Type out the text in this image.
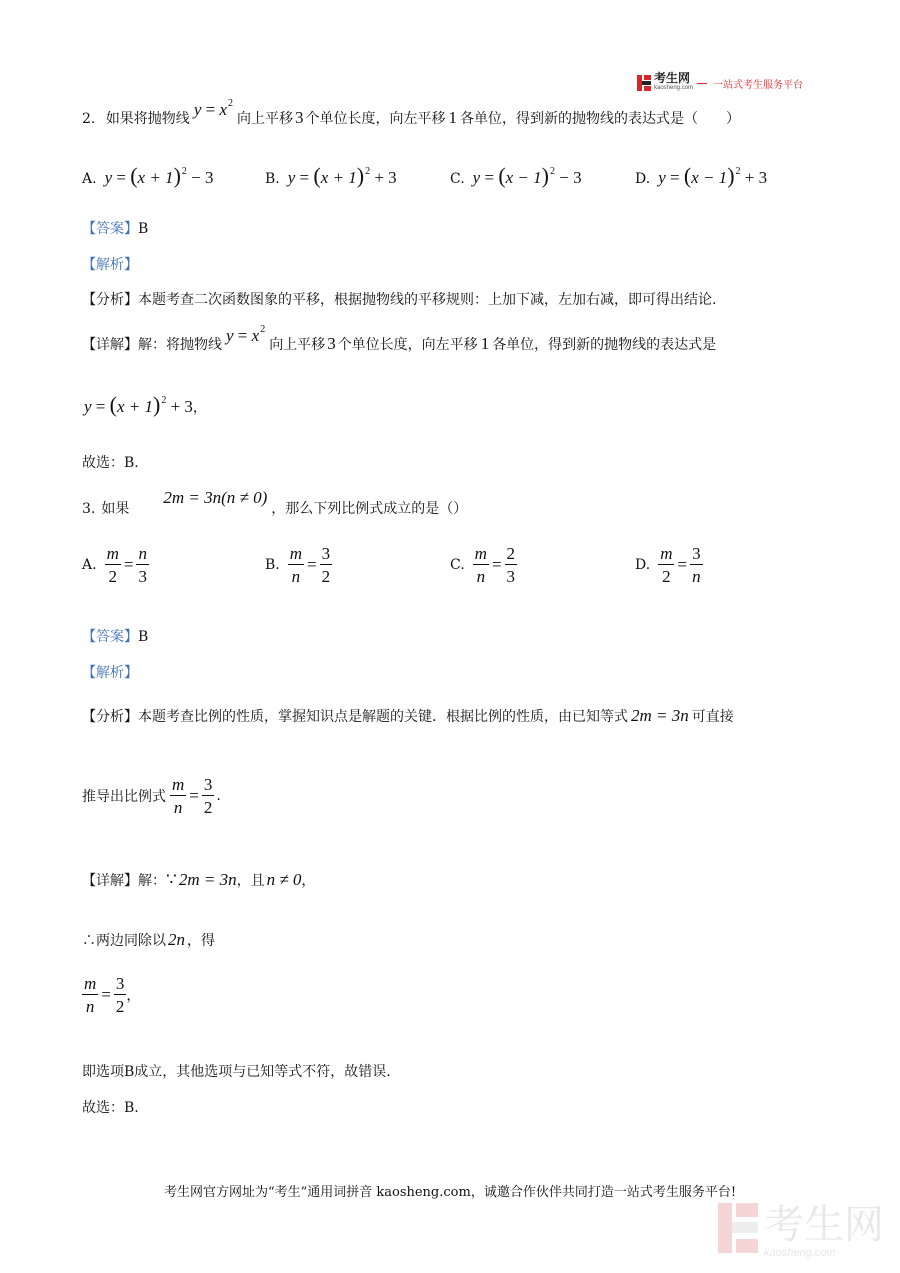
考生网
kaosheng.com 一站式考生服务平台
2. 如果将抛物线 $y = x^2$向上平移 3 个单位长度，向左平移 1 各单位，得到新的抛物线的表达式是（　　）
A. $y = (x + 1)^2 - 3$	B. $y = (x + 1)^2 + 3$	C. $y = (x - 1)^2 - 3$	D. $y = (x - 1)^2 + 3$
【答案】B
【解析】
【分析】本题考查二次函数图象的平移，根据抛物线的平移规则：上加下减，左加右减，即可得出结论.
【详解】解：将抛物线 $y = x^2$向上平移 3 个单位长度，向左平移 1 各单位，得到新的抛物线的表达式是
$y = (x + 1)^2 + 3$，
故选：B.
3. 如果2m = 3n(n ≠ 0)，那么下列比例式成立的是（）
A. $\frac{m}{2} = \frac{n}{3}$	B. $\frac{m}{n} = \frac{3}{2}$	C. $\frac{m}{n} = \frac{2}{3}$	D. $\frac{m}{2} = \frac{3}{n}$
【答案】B
【解析】
【分析】本题考查比例的性质，掌握知识点是解题的关键．根据比例的性质，由已知等式 2m = 3n 可直接
推导出比例式 $\frac{m}{n} = \frac{3}{2}$ .
【详解】解：∵ 2m = 3n，且 n ≠ 0，
∴两边同除以 2n ，得
$\frac{m}{n} = \frac{3}{2}$ ，
即选项B成立，其他选项与已知等式不符，故错误.
故选：B.
考生网官方网址为“考生”通用词拼音 kaosheng.com，诚邀合作伙伴共同打造一站式考生服务平台!
考生网
kaosheng.com
